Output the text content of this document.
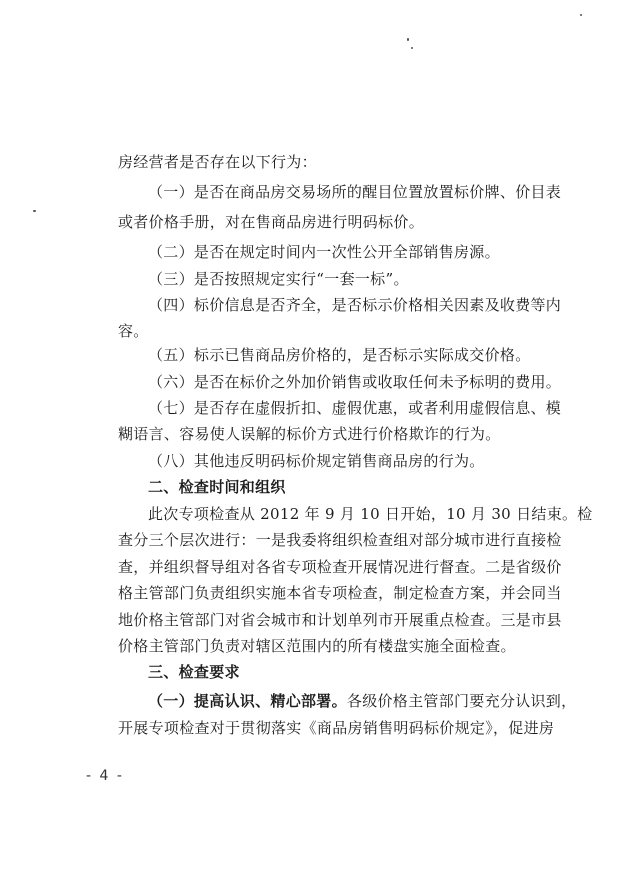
房经营者是否存在以下行为：
（一）是否在商品房交易场所的醒目位置放置标价牌、价目表
或者价格手册，对在售商品房进行明码标价。
（二）是否在规定时间内一次性公开全部销售房源。
（三）是否按照规定实行“一套一标”。
（四）标价信息是否齐全，是否标示价格相关因素及收费等内
容。
（五）标示已售商品房价格的，是否标示实际成交价格。
（六）是否在标价之外加价销售或收取任何未予标明的费用。
（七）是否存在虚假折扣、虚假优惠，或者利用虚假信息、模
糊语言、容易使人误解的标价方式进行价格欺诈的行为。
（八）其他违反明码标价规定销售商品房的行为。
二、检查时间和组织
此次专项检查从 2012 年 9 月 10 日开始，10 月 30 日结束。检
查分三个层次进行：一是我委将组织检查组对部分城市进行直接检
查，并组织督导组对各省专项检查开展情况进行督查。二是省级价
格主管部门负责组织实施本省专项检查，制定检查方案，并会同当
地价格主管部门对省会城市和计划单列市开展重点检查。三是市县
价格主管部门负责对辖区范围内的所有楼盘实施全面检查。
三、检查要求
（一）提高认识、精心部署。各级价格主管部门要充分认识到，
开展专项检查对于贯彻落实《商品房销售明码标价规定》，促进房
- 4 -
